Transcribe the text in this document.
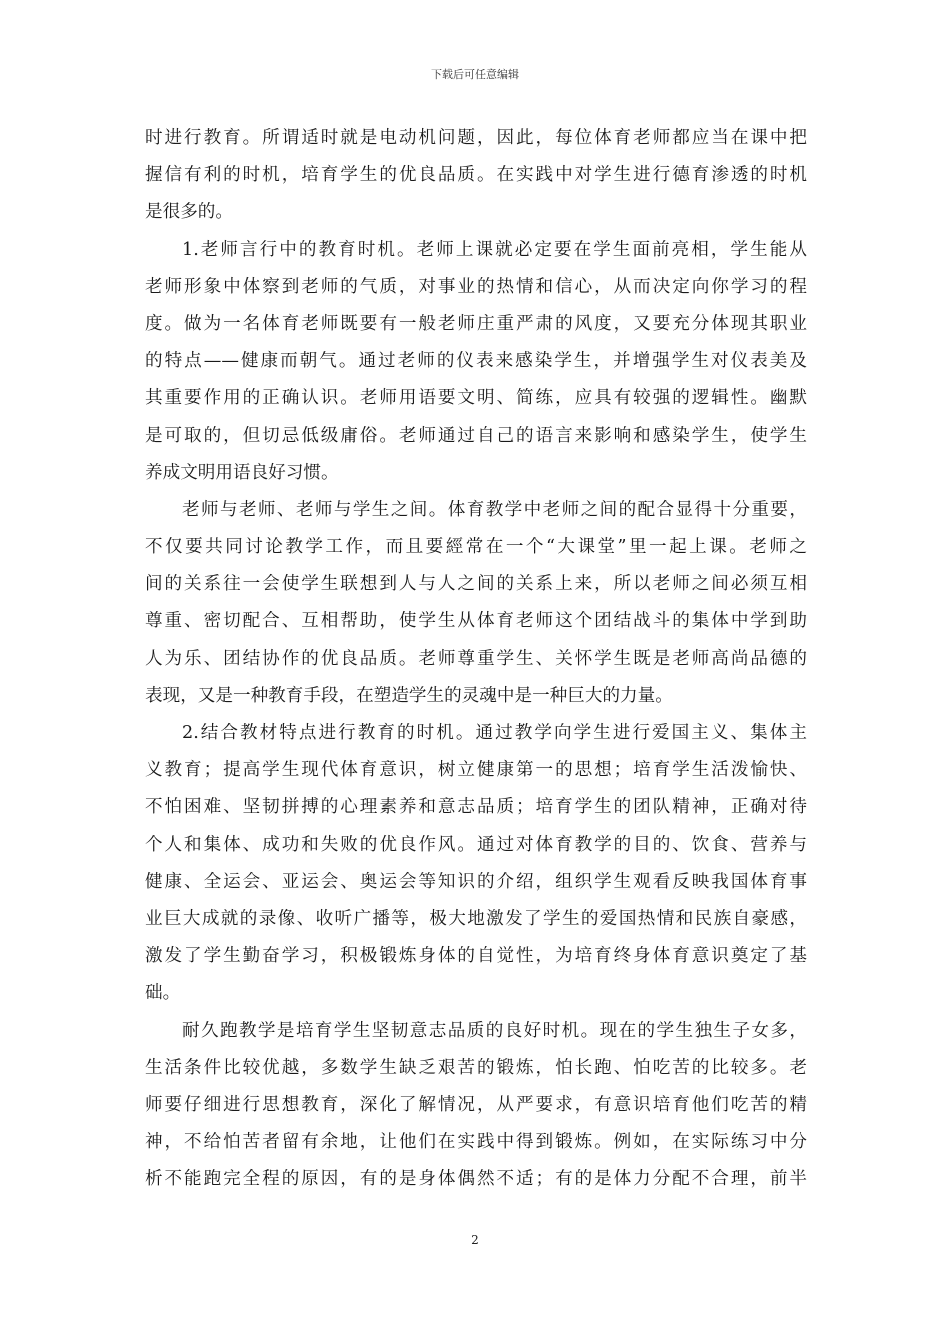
下载后可任意编辑
时进行教育。所谓适时就是电动机问题，因此，每位体育老师都应当在课中把
握信有利的时机，培育学生的优良品质。在实践中对学生进行德育渗透的时机
是很多的。
1.老师言行中的教育时机。老师上课就必定要在学生面前亮相，学生能从
老师形象中体察到老师的气质，对事业的热情和信心，从而决定向你学习的程
度。做为一名体育老师既要有一般老师庄重严肃的风度，又要充分体现其职业
的特点——健康而朝气。通过老师的仪表来感染学生，并增强学生对仪表美及
其重要作用的正确认识。老师用语要文明、简练，应具有较强的逻辑性。幽默
是可取的，但切忌低级庸俗。老师通过自己的语言来影响和感染学生，使学生
养成文明用语良好习惯。
老师与老师、老师与学生之间。体育教学中老师之间的配合显得十分重要，
不仅要共同讨论教学工作，而且要經常在一个“大课堂”里一起上课。老师之
间的关系往一会使学生联想到人与人之间的关系上来，所以老师之间必须互相
尊重、密切配合、互相帮助，使学生从体育老师这个团结战斗的集体中学到助
人为乐、团结协作的优良品质。老师尊重学生、关怀学生既是老师高尚品德的
表现，又是一种教育手段，在塑造学生的灵魂中是一种巨大的力量。
2.结合教材特点进行教育的时机。通过教学向学生进行爱国主义、集体主
义教育；提高学生现代体育意识，树立健康第一的思想；培育学生活泼愉快、
不怕困难、坚韧拼搏的心理素养和意志品质；培育学生的团队精神，正确对待
个人和集体、成功和失败的优良作风。通过对体育教学的目的、饮食、营养与
健康、全运会、亚运会、奥运会等知识的介绍，组织学生观看反映我国体育事
业巨大成就的录像、收听广播等，极大地激发了学生的爱国热情和民族自豪感，
激发了学生勤奋学习，积极锻炼身体的自觉性，为培育终身体育意识奠定了基
础。
耐久跑教学是培育学生坚韧意志品质的良好时机。现在的学生独生子女多，
生活条件比较优越，多数学生缺乏艰苦的锻炼，怕长跑、怕吃苦的比较多。老
师要仔细进行思想教育，深化了解情况，从严要求，有意识培育他们吃苦的精
神，不给怕苦者留有余地，让他们在实践中得到锻炼。例如，在实际练习中分
析不能跑完全程的原因，有的是身体偶然不适；有的是体力分配不合理，前半
2
